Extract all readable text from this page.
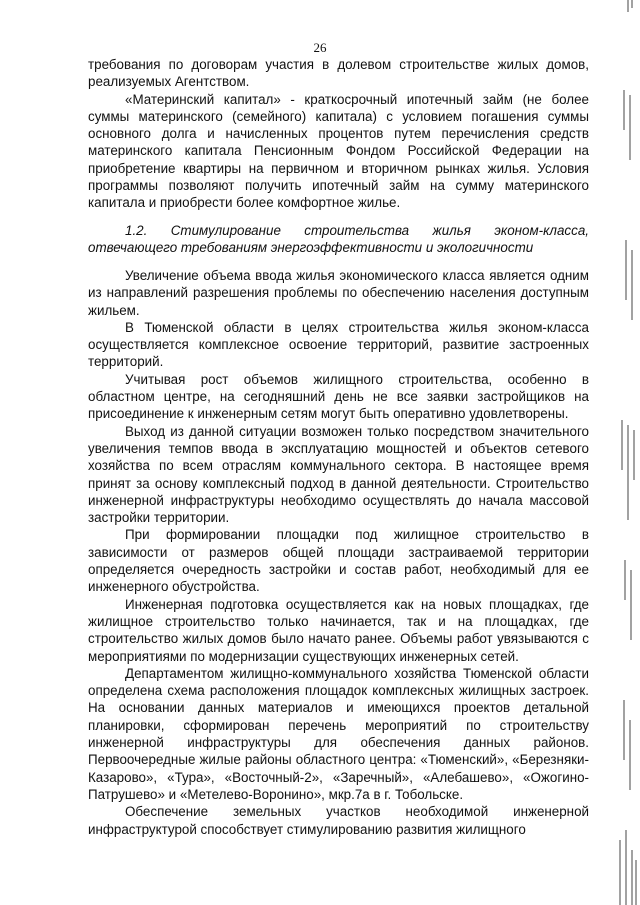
26

требования по договорам участия в долевом строительстве жилых домов, реализуемых Агентством.

«Материнский капитал» - краткосрочный ипотечный займ (не более суммы материнского (семейного) капитала) с условием погашения суммы основного долга и начисленных процентов путем перечисления средств материнского капитала Пенсионным Фондом Российской Федерации на приобретение квартиры на первичном и вторичном рынках жилья. Условия программы позволяют получить ипотечный займ на сумму материнского капитала и приобрести более комфортное жилье.

1.2. Стимулирование строительства жилья эконом-класса, отвечающего требованиям энергоэффективности и экологичности

Увеличение объема ввода жилья экономического класса является одним из направлений разрешения проблемы по обеспечению населения доступным жильем.

В Тюменской области в целях строительства жилья эконом-класса осуществляется комплексное освоение территорий, развитие застроенных территорий.

Учитывая рост объемов жилищного строительства, особенно в областном центре, на сегодняшний день не все заявки застройщиков на присоединение к инженерным сетям могут быть оперативно удовлетворены.

Выход из данной ситуации возможен только посредством значительного увеличения темпов ввода в эксплуатацию мощностей и объектов сетевого хозяйства по всем отраслям коммунального сектора. В настоящее время принят за основу комплексный подход в данной деятельности. Строительство инженерной инфраструктуры необходимо осуществлять до начала массовой застройки территории.

При формировании площадки под жилищное строительство в зависимости от размеров общей площади застраиваемой территории определяется очередность застройки и состав работ, необходимый для ее инженерного обустройства.

Инженерная подготовка осуществляется как на новых площадках, где жилищное строительство только начинается, так и на площадках, где строительство жилых домов было начато ранее. Объемы работ увязываются с мероприятиями по модернизации существующих инженерных сетей.

Департаментом жилищно-коммунального хозяйства Тюменской области определена схема расположения площадок комплексных жилищных застроек. На основании данных материалов и имеющихся проектов детальной планировки, сформирован перечень мероприятий по строительству инженерной инфраструктуры для обеспечения данных районов. Первоочередные жилые районы областного центра: «Тюменский», «Березняки-Казарово», «Тура», «Восточный-2», «Заречный», «Алебашево», «Ожогино-Патрушево» и «Метелево-Воронино», мкр.7а в г. Тобольске.

Обеспечение земельных участков необходимой инженерной инфраструктурой способствует стимулированию развития жилищного
